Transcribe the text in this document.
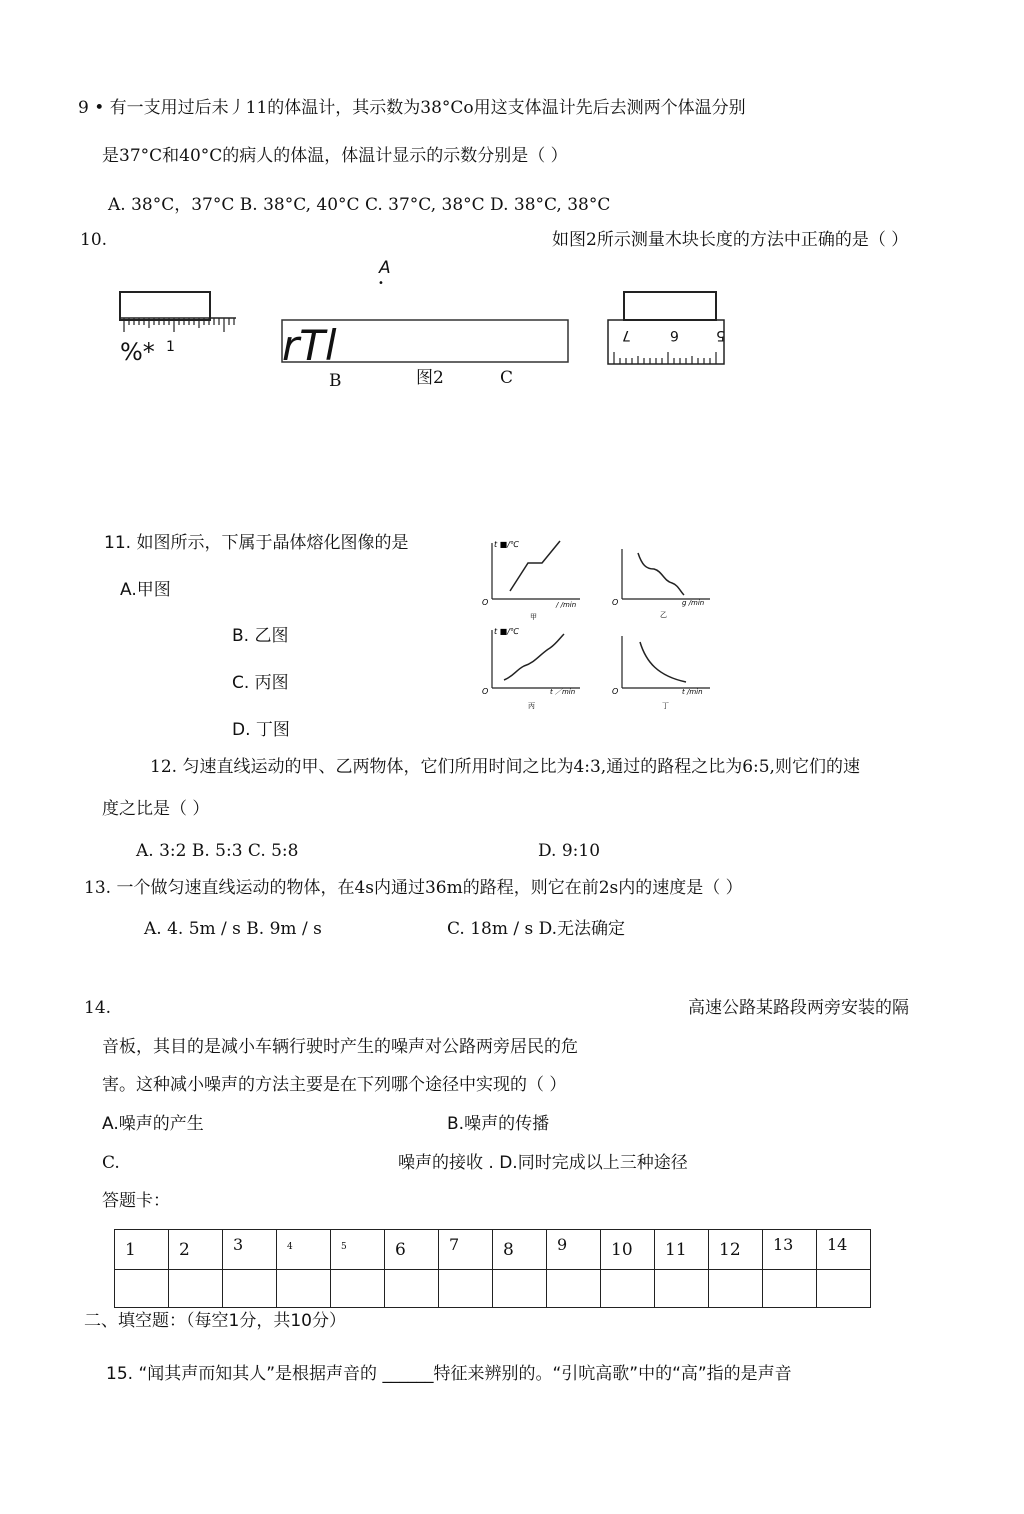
9 • 有一支用过后未丿11的体温计，其示数为38°Co用这支体温计先后去测两个体温分别
是37°C和40°C的病人的体温，体温计显示的示数分别是（ ）
A. 38°C，37°C B. 38°C, 40°C C. 37°C, 38°C D. 38°C, 38°C
10.	如图2所示测量木块长度的方法中正确的是（ ）
%* 1
A
•
rTl
B	图2	C
7	6	5
11. 如图所示，下属于晶体熔化图像的是
A.甲图
B. 乙图
C. 丙图
D. 丁图
O
t ■/℃
/ /min
甲
O	g /min
乙
O
t ■/℃
t ／min
丙
O	t /min
丁
12. 匀速直线运动的甲、乙两物体，它们所用时间之比为4:3,通过的路程之比为6:5,则它们的速
度之比是（ ）
A. 3:2 B. 5:3 C. 5:8	D. 9:10
13. 一个做匀速直线运动的物体，在4s内通过36m的路程，则它在前2s内的速度是（ ）
A. 4. 5m / s B. 9m / s	C. 18m / s D.无法确定
14.	高速公路某路段两旁安装的隔
音板，其目的是减小车辆行驶时产生的噪声对公路两旁居民的危
害。这种减小噪声的方法主要是在下列哪个途径中实现的（ ）
A.噪声的产生	B.噪声的传播
C.	噪声的接收 . D.同时完成以上三种途径
答题卡：
1	2	3	$^4$	$^5$	6	7	8	9	10	11	12	13	14

二、填空题：（每空1分，共10分）
15. “闻其声而知其人”是根据声音的 ______特征来辨别的。“引吭高歌”中的“高”指的是声音
